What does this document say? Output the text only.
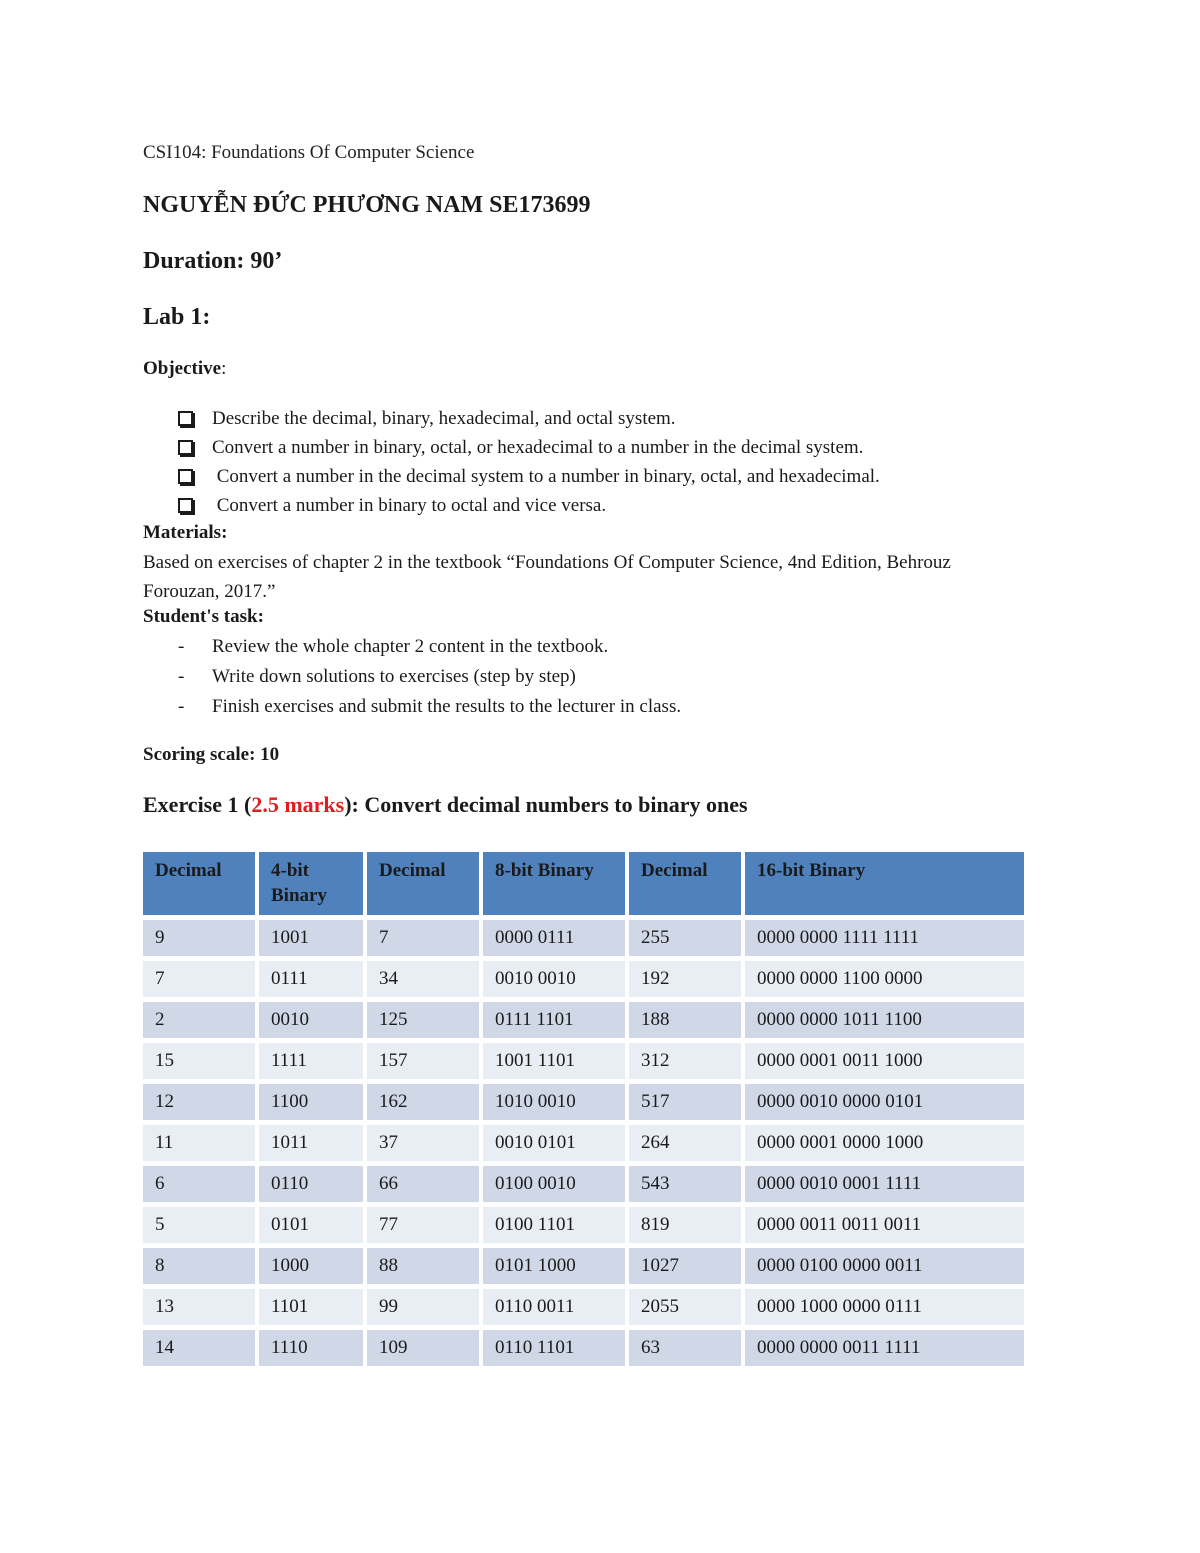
CSI104: Foundations Of Computer Science
NGUYỄN ĐỨC PHƯƠNG NAM SE173699
Duration: 90’
Lab 1:
Objective:
Describe the decimal, binary, hexadecimal, and octal system.
Convert a number in binary, octal, or hexadecimal to a number in the decimal system.
Convert a number in the decimal system to a number in binary, octal, and hexadecimal.
Convert a number in binary to octal and vice versa.
Materials:
Based on exercises of chapter 2 in the textbook “Foundations Of Computer Science, 4nd Edition, Behrouz Forouzan, 2017.”
Student's task:
- Review the whole chapter 2 content in the textbook.
- Write down solutions to exercises (step by step)
- Finish exercises and submit the results to the lecturer in class.
Scoring scale: 10
Exercise 1 (2.5 marks): Convert decimal numbers to binary ones
Decimal	4-bit Binary	Decimal	8-bit Binary	Decimal	16-bit Binary
9	1001	7	0000 0111	255	0000 0000 1111 1111
7	0111	34	0010 0010	192	0000 0000 1100 0000
2	0010	125	0111 1101	188	0000 0000 1011 1100
15	1111	157	1001 1101	312	0000 0001 0011 1000
12	1100	162	1010 0010	517	0000 0010 0000 0101
11	1011	37	0010 0101	264	0000 0001 0000 1000
6	0110	66	0100 0010	543	0000 0010 0001 1111
5	0101	77	0100 1101	819	0000 0011 0011 0011
8	1000	88	0101 1000	1027	0000 0100 0000 0011
13	1101	99	0110 0011	2055	0000 1000 0000 0111
14	1110	109	0110 1101	63	0000 0000 0011 1111
